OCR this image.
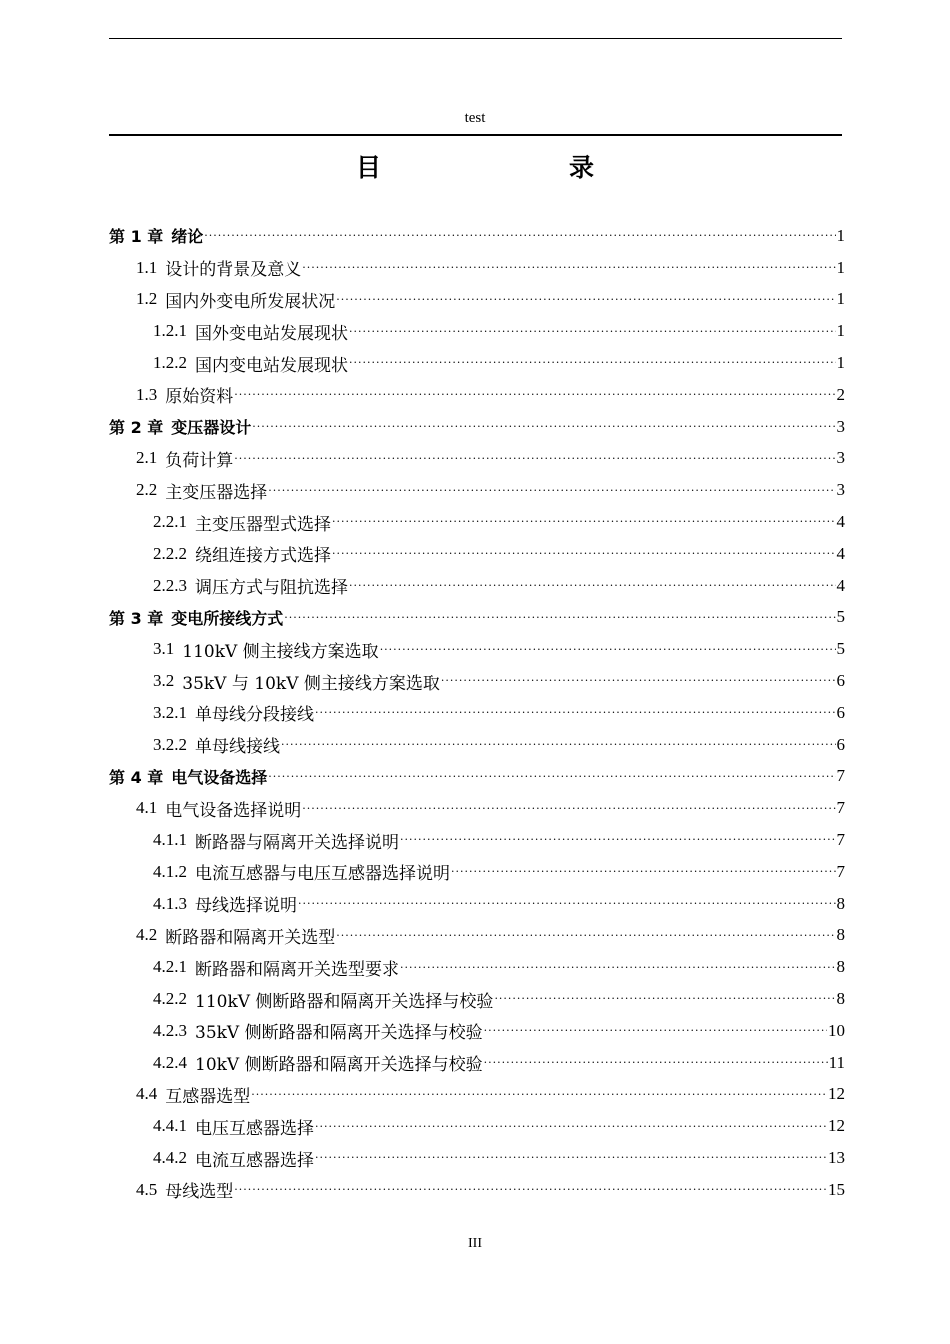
test
目　　录
第 1 章 绪论 ·····	1
1.1 设计的背景及意义 ·····	1
1.2 国内外变电所发展状况 ·····	1
1.2.1 国外变电站发展现状 ·····	1
1.2.2 国内变电站发展现状 ·····	1
1.3 原始资料 ·····	2
第 2 章 变压器设计 ·····	3
2.1 负荷计算 ·····	3
2.2 主变压器选择 ·····	3
2.2.1 主变压器型式选择 ·····	4
2.2.2 绕组连接方式选择 ·····	4
2.2.3 调压方式与阻抗选择 ·····	4
第 3 章 变电所接线方式 ·····	5
3.1 110kV 侧主接线方案选取 ·····	5
3.2 35kV 与 10kV 侧主接线方案选取 ·····	6
3.2.1 单母线分段接线 ·····	6
3.2.2 单母线接线 ·····	6
第 4 章 电气设备选择 ·····	7
4.1 电气设备选择说明 ·····	7
4.1.1 断路器与隔离开关选择说明 ·····	7
4.1.2 电流互感器与电压互感器选择说明 ·····	7
4.1.3 母线选择说明 ·····	8
4.2 断路器和隔离开关选型 ·····	8
4.2.1 断路器和隔离开关选型要求 ·····	8
4.2.2 110kV 侧断路器和隔离开关选择与校验 ·····	8
4.2.3 35kV 侧断路器和隔离开关选择与校验 ·····	10
4.2.4 10kV 侧断路器和隔离开关选择与校验 ·····	11
4.4 互感器选型 ·····	12
4.4.1 电压互感器选择 ·····	12
4.4.2 电流互感器选择 ·····	13
4.5 母线选型 ·····	15
III
